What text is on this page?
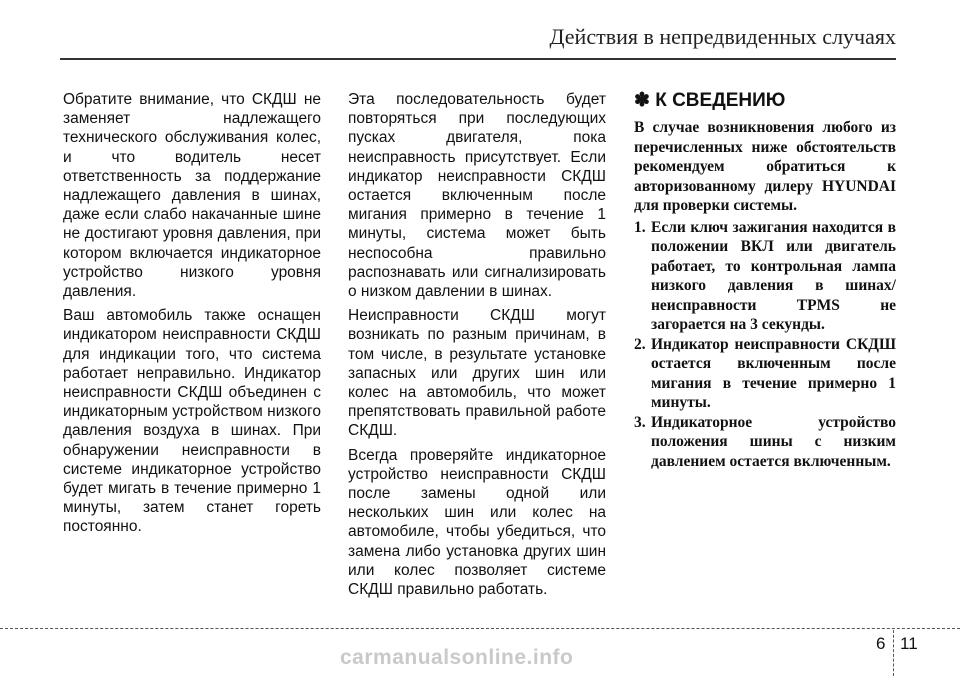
Действия в непредвиденных случаях

Обратите внимание, что СКДШ не заменяет надлежащего технического обслуживания колес, и что водитель несет ответственность за поддержание надлежащего давления в шинах, даже если слабо накачанные шине не достигают уровня давления, при котором включается индикаторное устройство низкого уровня давления.

Ваш автомобиль также оснащен индикатором неисправности СКДШ для индикации того, что система работает неправильно. Индикатор неисправности СКДШ объединен с индикаторным устройством низкого давления воздуха в шинах. При обнаружении неисправности в системе индикаторное устройство будет мигать в течение примерно 1 минуты, затем станет гореть постоянно.

Эта последовательность будет повторяться при последующих пусках двигателя, пока неисправность присутствует. Если индикатор неисправности СКДШ остается включенным после мигания примерно в течение 1 минуты, система может быть неспособна правильно распознавать или сигнализировать о низком давлении в шинах.

Неисправности СКДШ могут возникать по разным причинам, в том числе, в результате установке запасных или других шин или колес на автомобиль, что может препятствовать правильной работе СКДШ.

Всегда проверяйте индикаторное устройство неисправности СКДШ после замены одной или нескольких шин или колес на автомобиле, чтобы убедиться, что замена либо установка других шин или колес позволяет системе СКДШ правильно работать.

✽ К СВЕДЕНИЮ

В случае возникновения любого из перечисленных ниже обстоятельств рекомендуем обратиться к авторизованному дилеру HYUNDAI для проверки системы.

1. Если ключ зажигания находится в положении ВКЛ или двигатель работает, то контрольная лампа низкого давления в шинах/неисправности TPMS не загорается на 3 секунды.
2. Индикатор неисправности СКДШ остается включенным после мигания в течение примерно 1 минуты.
3. Индикаторное устройство положения шины с низким давлением остается включенным.
6 11
carmanualsonline.info
